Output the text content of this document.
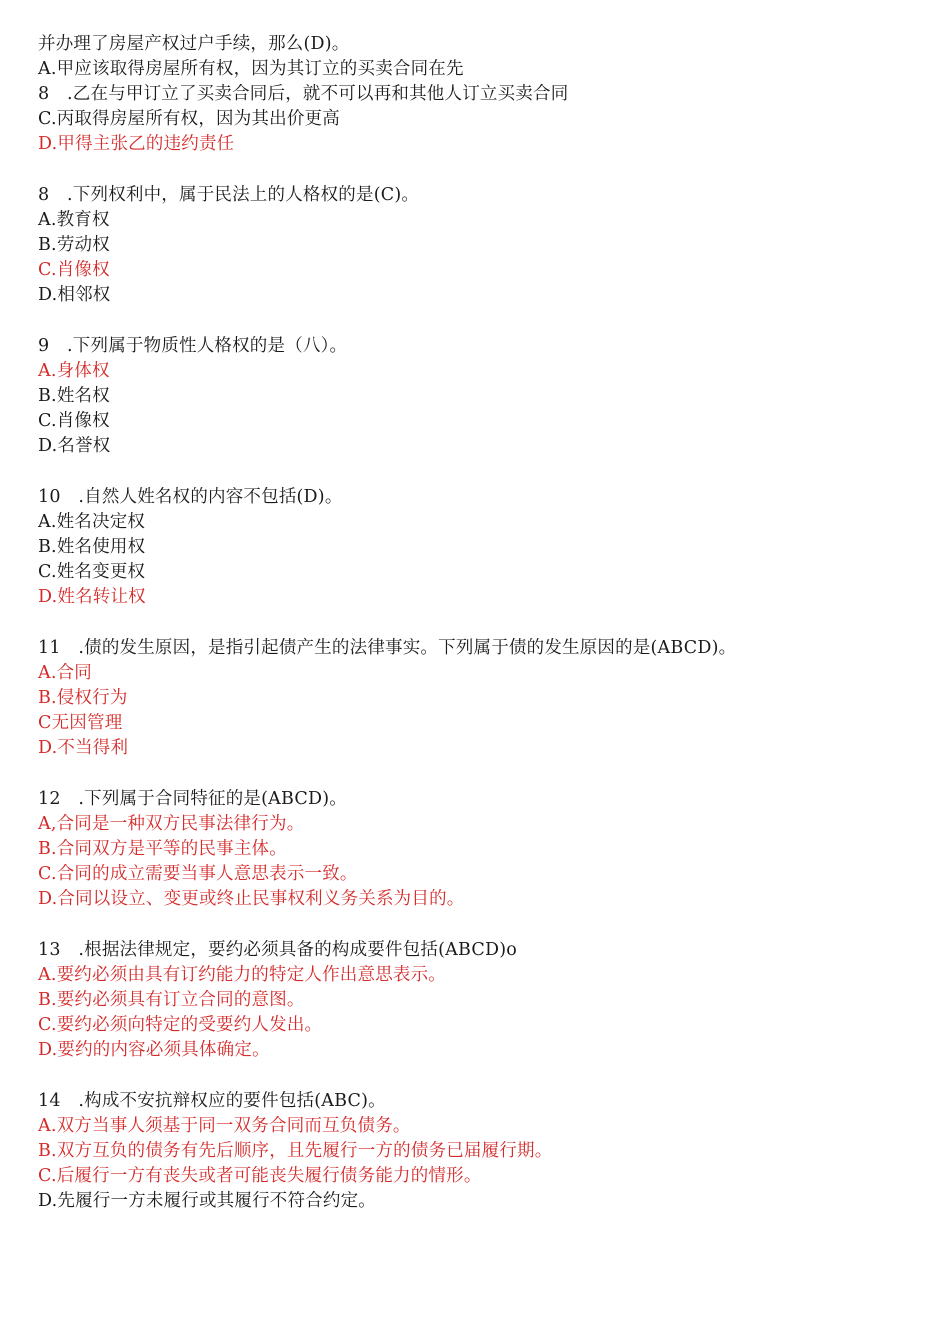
并办理了房屋产权过户手续，那么(D)。
A.甲应该取得房屋所有权，因为其订立的买卖合同在先
8　.乙在与甲订立了买卖合同后，就不可以再和其他人订立买卖合同
C.丙取得房屋所有权，因为其出价更高
D.甲得主张乙的违约责任
8　.下列权利中，属于民法上的人格权的是(C)。
A.教育权
B.劳动权
C.肖像权
D.相邻权
9　.下列属于物质性人格权的是（八）。
A.身体权
B.姓名权
C.肖像权
D.名誉权
10　.自然人姓名权的内容不包括(D)。
A.姓名决定权
B.姓名使用权
C.姓名变更权
D.姓名转让权
11　.债的发生原因，是指引起债产生的法律事实。下列属于债的发生原因的是(ABCD)。
A.合同
B.侵权行为
C无因管理
D.不当得利
12　.下列属于合同特征的是(ABCD)。
A,合同是一种双方民事法律行为。
B.合同双方是平等的民事主体。
C.合同的成立需要当事人意思表示一致。
D.合同以设立、变更或终止民事权利义务关系为目的。
13　.根据法律规定，要约必须具备的构成要件包括(ABCD)o
A.要约必须由具有订约能力的特定人作出意思表示。
B.要约必须具有订立合同的意图。
C.要约必须向特定的受要约人发出。
D.要约的内容必须具体确定。
14　.构成不安抗辩权应的要件包括(ABC)。
A.双方当事人须基于同一双务合同而互负债务。
B.双方互负的债务有先后顺序，且先履行一方的债务已届履行期。
C.后履行一方有丧失或者可能丧失履行债务能力的情形。
D.先履行一方未履行或其履行不符合约定。
